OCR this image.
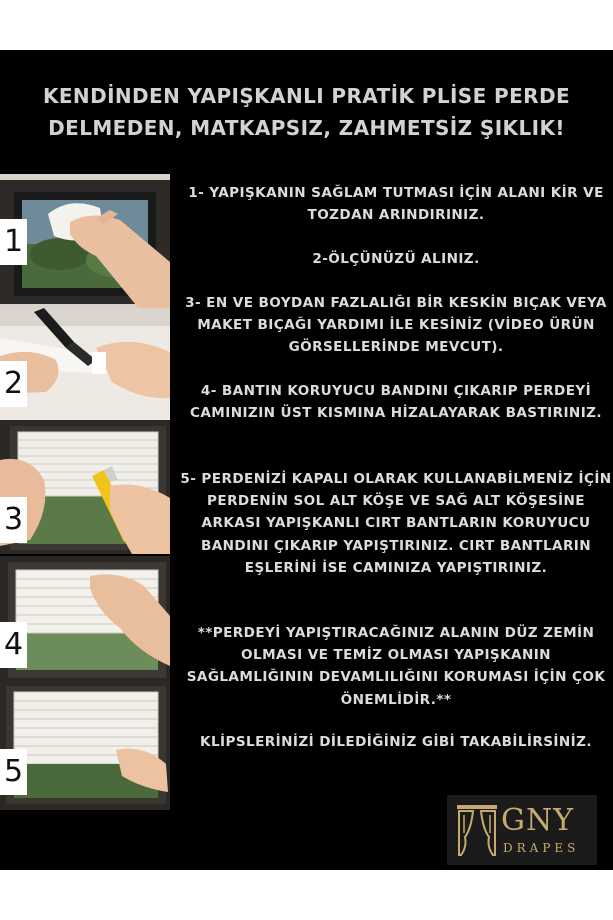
KENDİNDEN YAPIŞKANLI PRATİK PLİSE PERDE
DELMEDEN, MATKAPSIZ, ZAHMETSİZ ŞIKLIK!
1
2
3
4
5
1- YAPIŞKANIN SAĞLAM TUTMASI İÇİN ALANI KİR VE TOZDAN ARINDIRINIZ.
2-ÖLÇÜNÜZÜ ALINIZ.
3- EN VE BOYDAN FAZLALIĞI BİR KESKİN BIÇAK VEYA MAKET BIÇAĞI YARDIMI İLE KESİNİZ (VİDEO ÜRÜN GÖRSELLERİNDE MEVCUT).
4- BANTIN KORUYUCU BANDINI ÇIKARIP PERDEYİ CAMINIZIN ÜST KISMINA HİZALAYARAK BASTIRINIZ.
5- PERDENİZİ KAPALI OLARAK KULLANABİLMENİZ İÇİN PERDENİN SOL ALT KÖŞE VE SAĞ ALT KÖŞESİNE ARKASI YAPIŞKANLI CIRT BANTLARIN KORUYUCU BANDINI ÇIKARIP YAPIŞTIRINIZ. CIRT BANTLARIN EŞLERİNİ İSE CAMINIZA YAPIŞTIRINIZ.
**PERDEYİ YAPIŞTIRACAĞINIZ ALANIN DÜZ ZEMİN OLMASI VE TEMİZ OLMASI YAPIŞKANIN SAĞLAMLIĞININ DEVAMLILIĞINI KORUMASI İÇİN ÇOK ÖNEMLİDİR.**
KLİPSLERİNİZİ DİLEDİĞİNİZ GİBİ TAKABİLİRSİNİZ.
GNY
DRAPES
